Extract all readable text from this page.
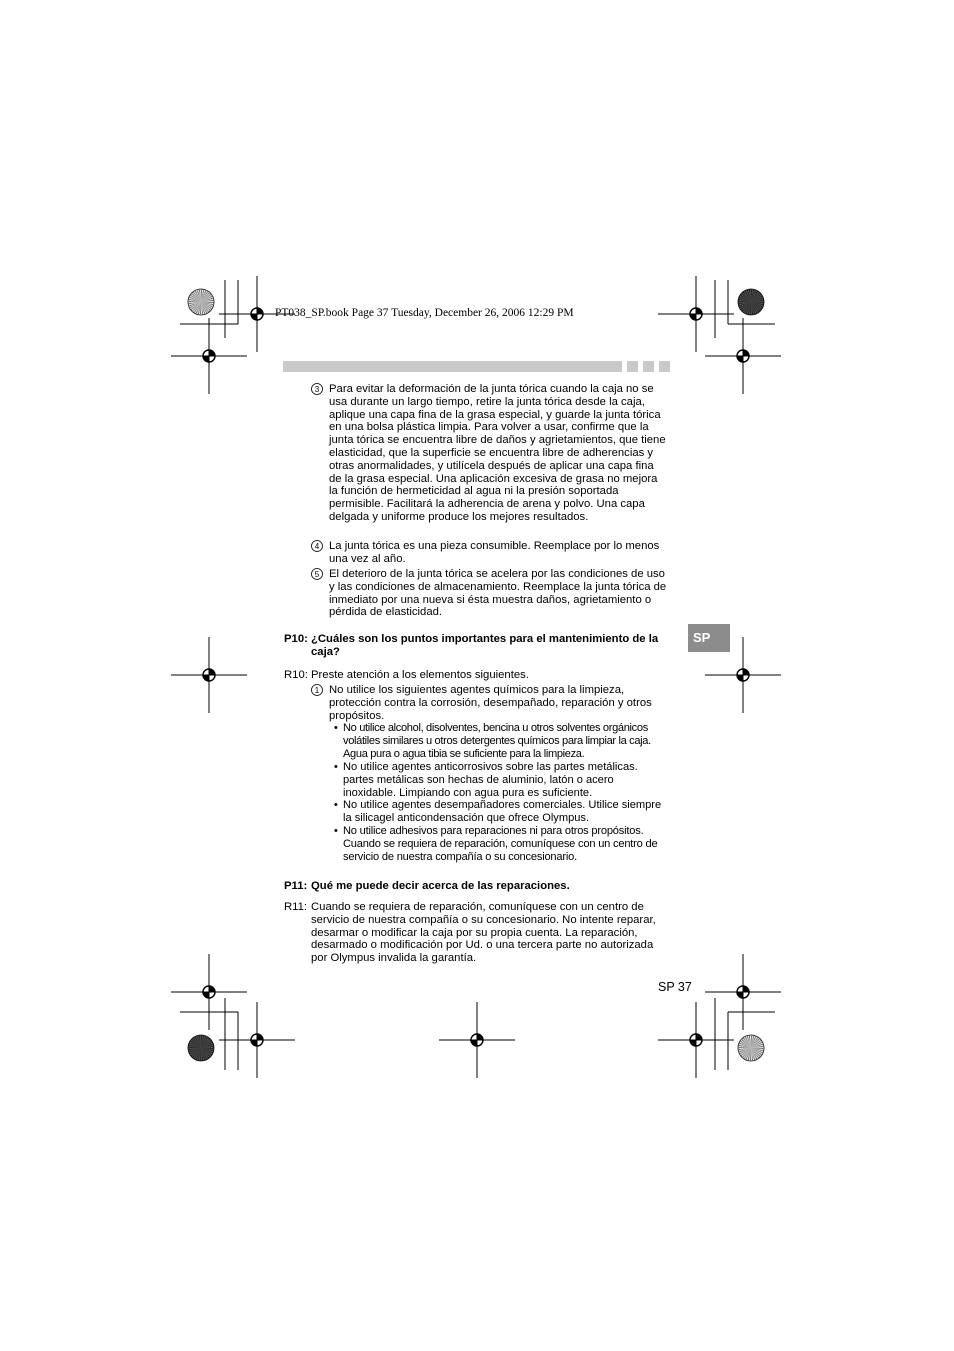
PT038_SP.book Page 37 Tuesday, December 26, 2006 12:29 PM
SP
3 Para evitar la deformación de la junta tórica cuando la caja no se usa durante un largo tiempo, retire la junta tórica desde la caja, aplique una capa fina de la grasa especial, y guarde la junta tórica en una bolsa plástica limpia. Para volver a usar, confirme que la junta tórica se encuentra libre de daños y agrietamientos, que tiene elasticidad, que la superficie se encuentra libre de adherencias y otras anormalidades, y utilícela después de aplicar una capa fina de la grasa especial. Una aplicación excesiva de grasa no mejora la función de hermeticidad al agua ni la presión soportada permisible. Facilitará la adherencia de arena y polvo. Una capa delgada y uniforme produce los mejores resultados.
4 La junta tórica es una pieza consumible. Reemplace por lo menos una vez al año.
5 El deterioro de la junta tórica se acelera por las condiciones de uso y las condiciones de almacenamiento. Reemplace la junta tórica de inmediato por una nueva si ésta muestra daños, agrietamiento o pérdida de elasticidad.
P10: ¿Cuáles son los puntos importantes para el mantenimiento de la caja?
R10: Preste atención a los elementos siguientes.
1 No utilice los siguientes agentes químicos para la limpieza, protección contra la corrosión, desempañado, reparación y otros propósitos.
• No utilice alcohol, disolventes, bencina u otros solventes orgánicos volátiles similares u otros detergentes químicos para limpiar la caja. Agua pura o agua tibia se suficiente para la limpieza.
• No utilice agentes anticorrosivos sobre las partes metálicas. partes metálicas son hechas de aluminio, latón o acero inoxidable. Limpiando con agua pura es suficiente.
• No utilice agentes desempañadores comerciales. Utilice siempre la silicagel anticondensación que ofrece Olympus.
• No utilice adhesivos para reparaciones ni para otros propósitos. Cuando se requiera de reparación, comuníquese con un centro de servicio de nuestra compañía o su concesionario.
P11: Qué me puede decir acerca de las reparaciones.
R11: Cuando se requiera de reparación, comuníquese con un centro de servicio de nuestra compañía o su concesionario. No intente reparar, desarmar o modificar la caja por su propia cuenta. La reparación, desarmado o modificación por Ud. o una tercera parte no autorizada por Olympus invalida la garantía.
SP 37
